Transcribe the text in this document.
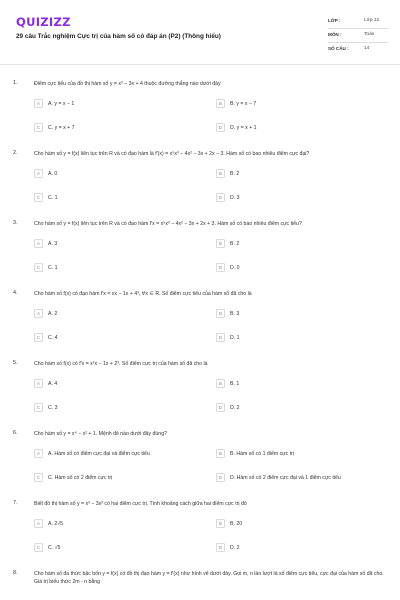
QUIZIZZ
29 câu Trắc nghiệm Cực trị của hàm số có đáp án (P2) (Thông hiểu)
LỚP :	Lớp 12
MÔN :	Toán
SỐ CÂU :	14
1.	Điểm cực tiểu của đồ thị hàm số y = x³ − 3x + 4 thuộc đường thẳng nào dưới đây
A	A. y = x − 1	B	B. y = x − 7
C	C. y = x + 7	D	D. y = x + 1
2.	Cho hàm số y = f(x) liên tục trên R và có đạo hàm là f′(x) = x⁵x³ − 4x² − 3x + 2x − 3. Hàm số có bao nhiêu điểm cực đại?
A	A. 0	B	B. 2
C	C. 1	D	D. 3
3.	Cho hàm số y = f(x) liên tục trên R và có đạo hàm f′x = x⁵x³ − 4x² − 3x + 2x + 3. Hàm số có bao nhiêu điểm cực tiểu?
A	A. 3	B	B. 2
C	C. 1	D	D. 0
4.	Cho hàm số f(x) có đạo hàm f′x = xx − 1x + 4³, ∀x ∈ R. Số điểm cực tiểu của hàm số đã cho là
A	A. 2	B	B. 3
C	C. 4	D	D. 1
5.	Cho hàm số f(x) có f′x = x²x − 1x + 2³. Số điểm cực trị của hàm số đã cho là
A	A. 4	B	B. 1
C	C. 3	D	D. 2
6.	Cho hàm số y = x⁴ − x² + 1. Mệnh đề nào dưới đây đúng?
A	A. Hàm số có điểm cực đại và điểm cực tiểu	B	B. Hàm số có 1 điểm cực trị
C	C. Hàm số có 2 điểm cực trị	D	D. Hàm số có 2 điểm cực đại và 1 điểm cực tiểu
7.	Biết đồ thị hàm số y = x³ − 3x² có hai điểm cực trị. Tính khoảng cách giữa hai điểm cực trị đó
A	A. 2√5	B	B. 20
C	C. √5	D	D. 2
8.	Cho hàm số đa thức bậc bốn y = f(x) có đồ thị đạo hàm y = f′(x) như hình vẽ dưới đây. Gọi m, n lần lượt là số điểm cực tiểu, cực đại của hàm số đã cho. Giá trị biểu thức 2m - n bằng
